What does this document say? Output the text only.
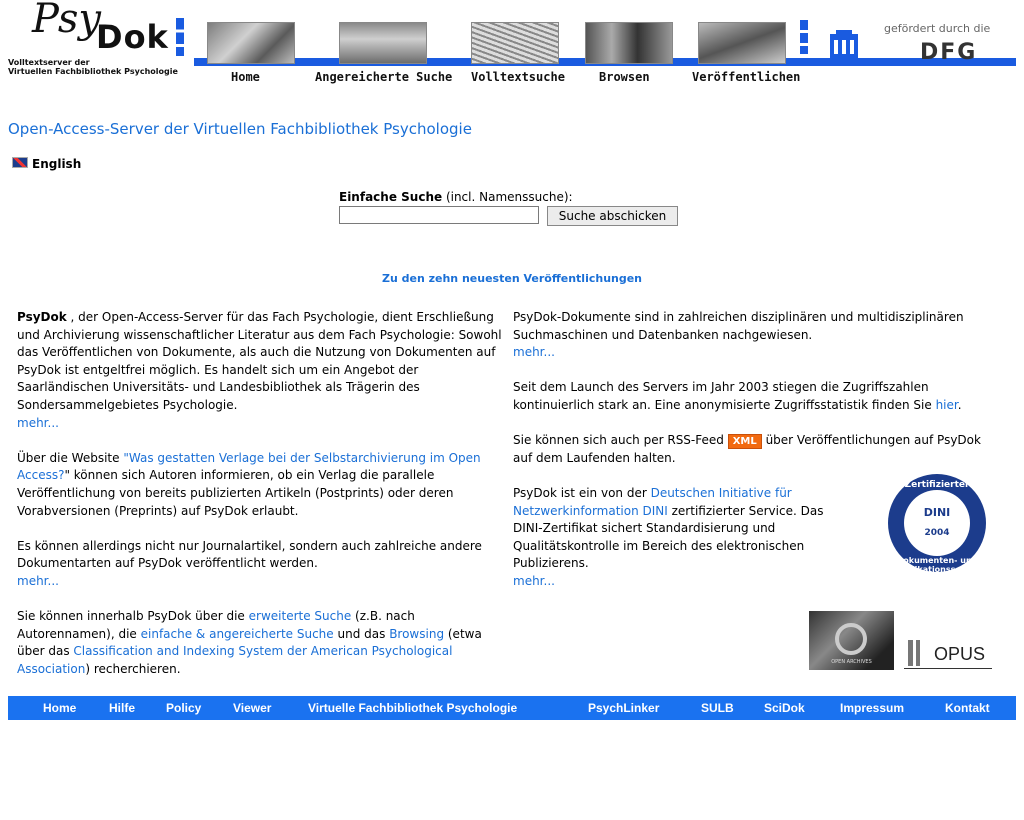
Psy
Dok
Volltextserver der
Virtuellen Fachbibliothek Psychologie	Home	Angereicherte Suche Volltextsuche	Browsen	Veröffentlichen
gefördert durch die
DFG
Open-Access-Server der Virtuellen Fachbibliothek Psychologie
English
Einfache Suche (incl. Namenssuche):
Suche abschicken
Zu den zehn neuesten Veröffentlichungen

PsyDok , der Open-Access-Server für das Fach Psychologie, dient Erschließung und Archivierung wissenschaftlicher Literatur aus dem Fach Psychologie: Sowohl das Veröffentlichen von Dokumente, als auch die Nutzung von Dokumenten auf PsyDok ist entgeltfrei möglich. Es handelt sich um ein Angebot der Saarländischen Universitäts- und Landesbibliothek als Trägerin des Sondersammelgebietes Psychologie.
mehr...

Über die Website "Was gestatten Verlage bei der Selbstarchivierung im Open Access?" können sich Autoren informieren, ob ein Verlag die parallele Veröffentlichung von bereits publizierten Artikeln (Postprints) oder deren Vorabversionen (Preprints) auf PsyDok erlaubt.

Es können allerdings nicht nur Journalartikel, sondern auch zahlreiche andere Dokumentarten auf PsyDok veröffentlicht werden.
mehr...

Sie können innerhalb PsyDok über die erweiterte Suche (z.B. nach Autorennamen), die einfache & angereicherte Suche und das Browsing (etwa über das Classification and Indexing System der American Psychological Association) recherchieren.

PsyDok-Dokumente sind in zahlreichen disziplinären und multidisziplinären Suchmaschinen und Datenbanken nachgewiesen.
mehr...

Seit dem Launch des Servers im Jahr 2003 stiegen die Zugriffszahlen kontinuierlich stark an. Eine anonymisierte Zugriffsstatistik finden Sie hier.

Sie können sich auch per RSS-Feed XML über Veröffentlichungen auf PsyDok auf dem Laufenden halten.

PsyDok ist ein von der Deutschen Initiative für Netzwerkinformation DINI zertifizierter Service. Das DINI-Zertifikat sichert Standardisierung und Qualitätskontrolle im Bereich des elektronischen Publizierens.
mehr...

Zertifizierter
DINI
2004
Dokumenten- und Publikationsserver
OPEN ARCHIVES	OPUS
Home	Hilfe	Policy	Viewer	Virtuelle Fachbibliothek Psychologie	PsychLinker	SULB	SciDok	Impressum	Kontakt
